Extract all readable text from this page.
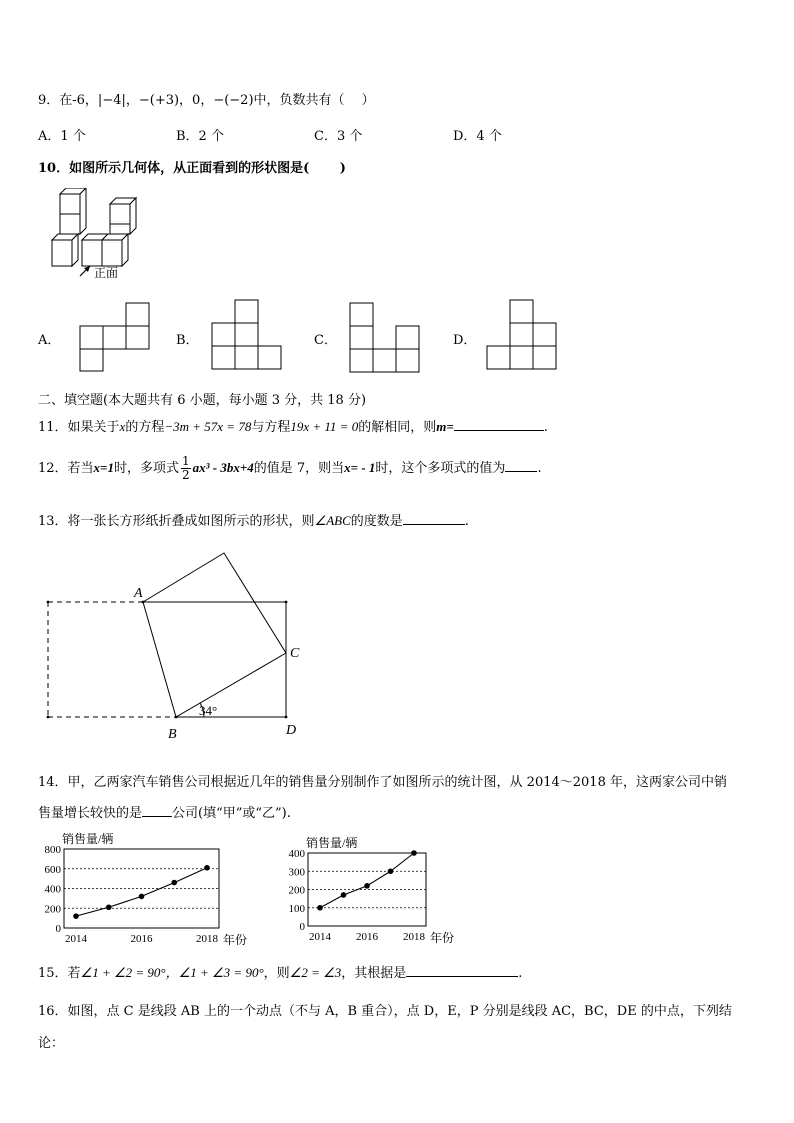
9．在-6，|−4|，−(+3)，0，−(−2)中，负数共有（　 ）
A．1 个	B．2 个	C．3 个	D．4 个
10．如图所示几何体，从正面看到的形状图是(　 　)
正面
A．	B．	C．	D．
二、填空题(本大题共有 6 小题，每小题 3 分，共 18 分)
11．如果关于x的方程−3m + 57x = 78与方程19x + 11 = 0的解相同，则m=	.
12．若当x=1时，多项式 $\frac{1}{2} ax^3 - 3bx+4$的值是 7，则当x= - 1时，这个多项式的值为 .
13．将一张长方形纸折叠成如图所示的形状，则∠ABC的度数是	.
A
B
C
D
34°
14．甲，乙两家汽车销售公司根据近几年的销售量分别制作了如图所示的统计图，从 2014～2018 年，这两家公司中销
售量增长较快的是 公司(填“甲”或“乙”).
0
200
400
600
800
2014	2016	2018
销售量/辆
年份
0
100
200
300
400
2014 2016 2018
销售量/辆
年份
15．若∠1 + ∠2 = 90°，∠1 + ∠3 = 90°，则∠2 = ∠3，其根据是	.
16．如图，点 C 是线段 AB 上的一个动点（不与 A，B 重合），点 D，E，P 分别是线段 AC，BC，DE 的中点，下列结
论：
